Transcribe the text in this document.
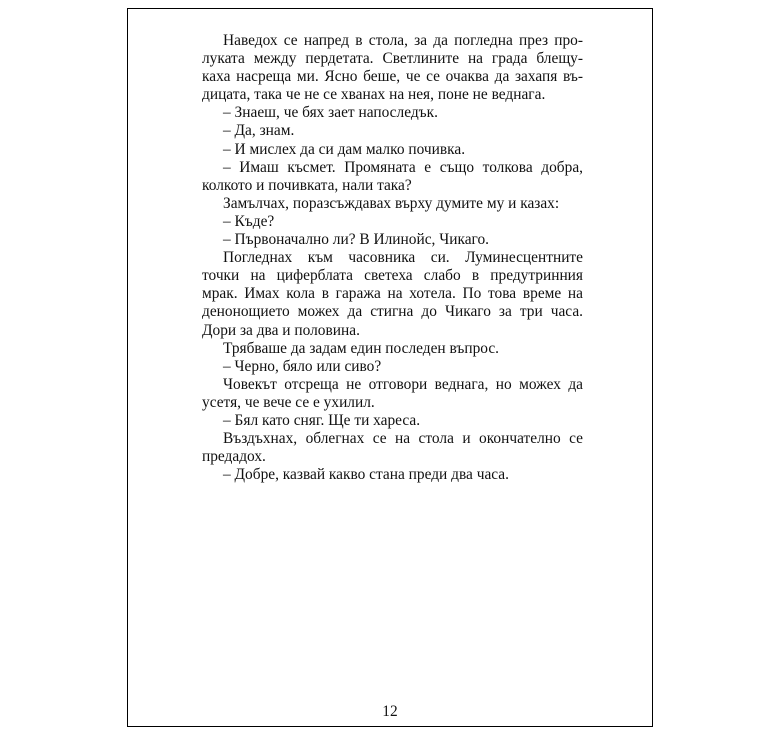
Наведох се напред в стола, за да погледна през про-
луката между пердетата. Светлините на града блещу-
каха насреща ми. Ясно беше, че се очаква да захапя въ-
дицата, така че не се хванах на нея, поне не веднага.
– Знаеш, че бях зает напоследък.
– Да, знам.
– И мислех да си дам малко почивка.
– Имаш късмет. Промяната е също толкова добра,
колкото и почивката, нали така?
Замълчах, поразсъждавах върху думите му и казах:
– Къде?
– Първоначално ли? В Илинойс, Чикаго.
Погледнах към часовника си. Луминесцентните
точки на циферблата светеха слабо в предутринния
мрак. Имах кола в гаража на хотела. По това време на
денонощието можех да стигна до Чикаго за три часа.
Дори за два и половина.
Трябваше да задам един последен въпрос.
– Черно, бяло или сиво?
Човекът отсреща не отговори веднага, но можех да
усетя, че вече се е ухилил.
– Бял като сняг. Ще ти хареса.
Въздъхнах, облегнах се на стола и окончателно се
предадох.
– Добре, казвай какво стана преди два часа.
12
